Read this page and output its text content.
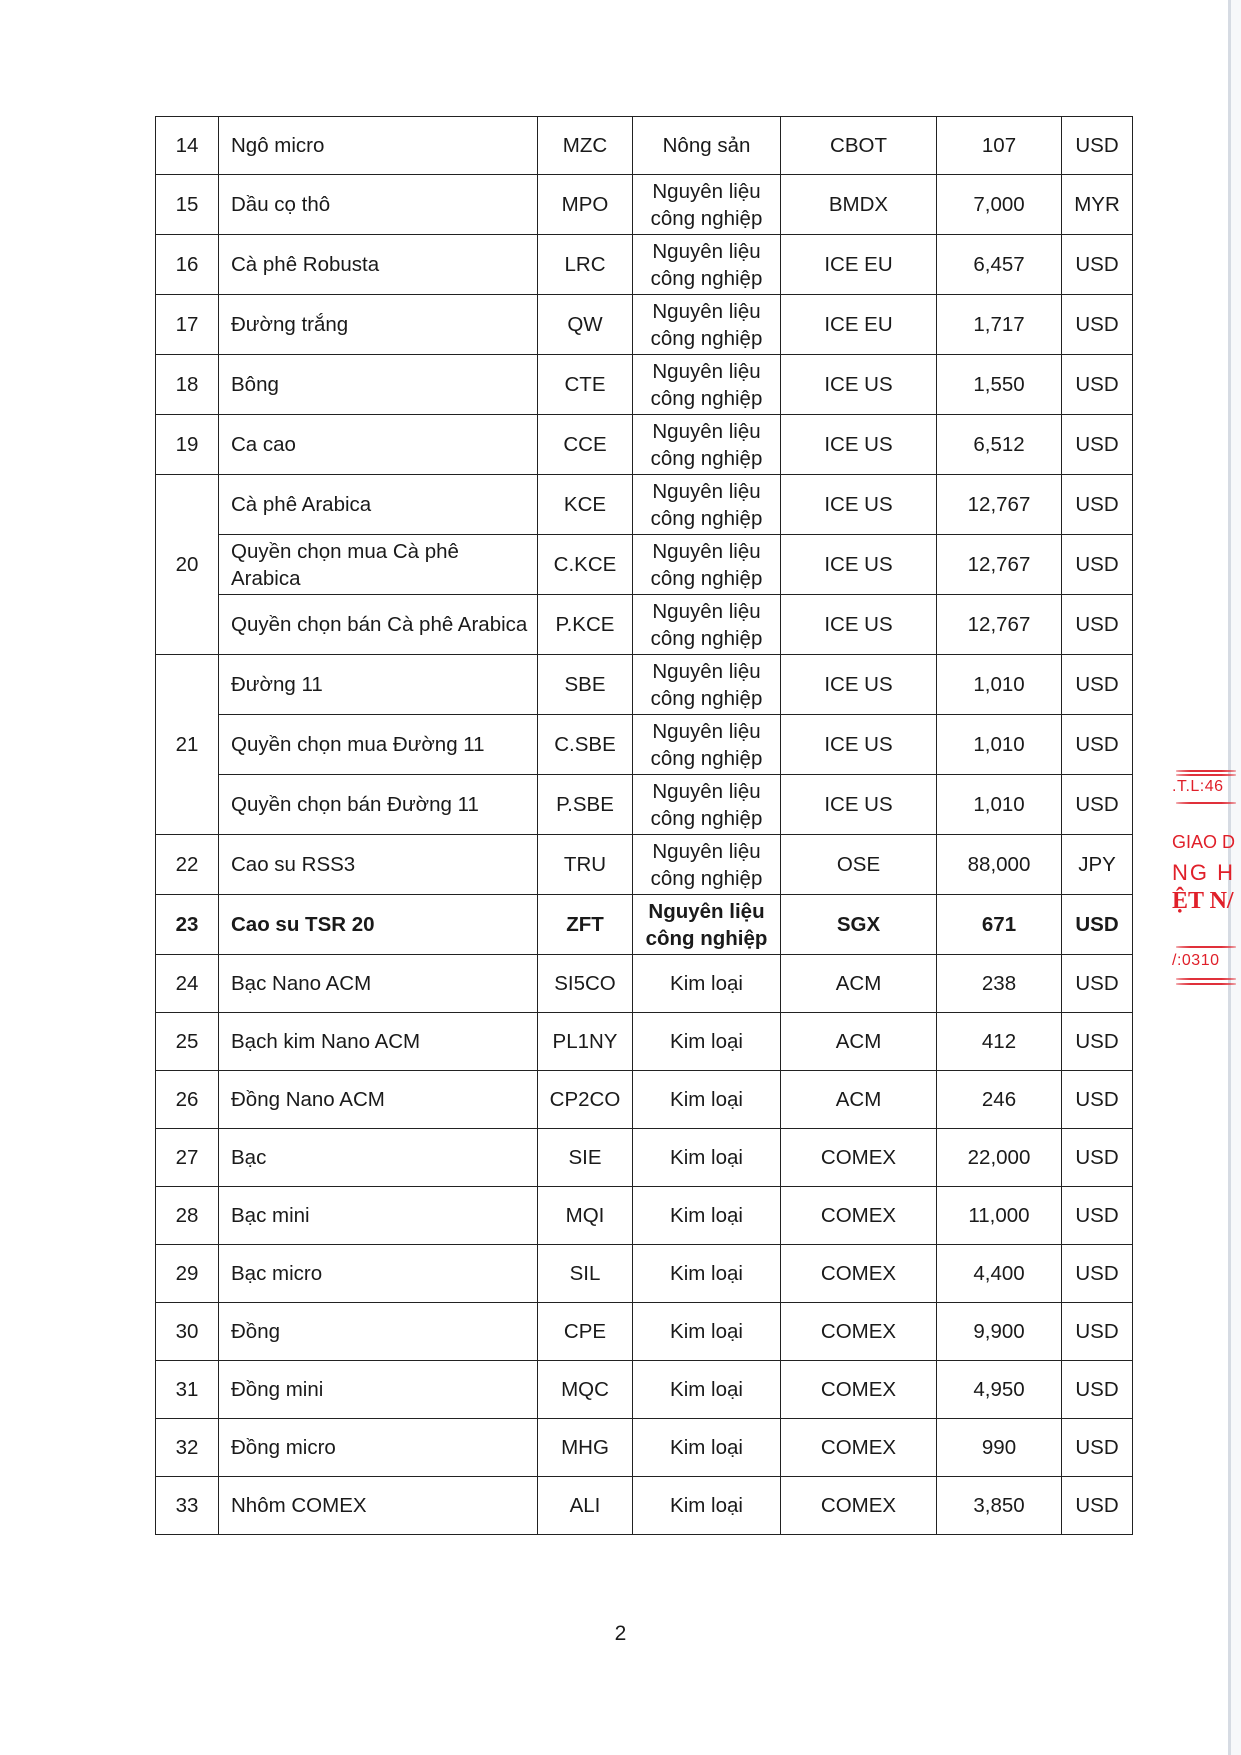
14	Ngô micro	MZC	Nông sản	CBOT	107	USD
15	Dầu cọ thô	MPO	Nguyên liệu công nghiệp	BMDX	7,000	MYR
16	Cà phê Robusta	LRC	Nguyên liệu công nghiệp	ICE EU	6,457	USD
17	Đường trắng	QW	Nguyên liệu công nghiệp	ICE EU	1,717	USD
18	Bông	CTE	Nguyên liệu công nghiệp	ICE US	1,550	USD
19	Ca cao	CCE	Nguyên liệu công nghiệp	ICE US	6,512	USD
20	Cà phê Arabica	KCE	Nguyên liệu công nghiệp	ICE US	12,767	USD
	Quyền chọn mua Cà phê Arabica	C.KCE	Nguyên liệu công nghiệp	ICE US	12,767	USD
	Quyền chọn bán Cà phê Arabica	P.KCE	Nguyên liệu công nghiệp	ICE US	12,767	USD
21	Đường 11	SBE	Nguyên liệu công nghiệp	ICE US	1,010	USD
	Quyền chọn mua Đường 11	C.SBE	Nguyên liệu công nghiệp	ICE US	1,010	USD
	Quyền chọn bán Đường 11	P.SBE	Nguyên liệu công nghiệp	ICE US	1,010	USD
22	Cao su RSS3	TRU	Nguyên liệu công nghiệp	OSE	88,000	JPY
23	Cao su TSR 20	ZFT	Nguyên liệu công nghiệp	SGX	671	USD
24	Bạc Nano ACM	SI5CO	Kim loại	ACM	238	USD
25	Bạch kim Nano ACM	PL1NY	Kim loại	ACM	412	USD
26	Đồng Nano ACM	CP2CO	Kim loại	ACM	246	USD
27	Bạc	SIE	Kim loại	COMEX	22,000	USD
28	Bạc mini	MQI	Kim loại	COMEX	11,000	USD
29	Bạc micro	SIL	Kim loại	COMEX	4,400	USD
30	Đồng	CPE	Kim loại	COMEX	9,900	USD
31	Đồng mini	MQC	Kim loại	COMEX	4,950	USD
32	Đồng micro	MHG	Kim loại	COMEX	990	USD
33	Nhôm COMEX	ALI	Kim loại	COMEX	3,850	USD
2
.T.L:46
GIAO D
NG H
ỆT N/
/:0310
